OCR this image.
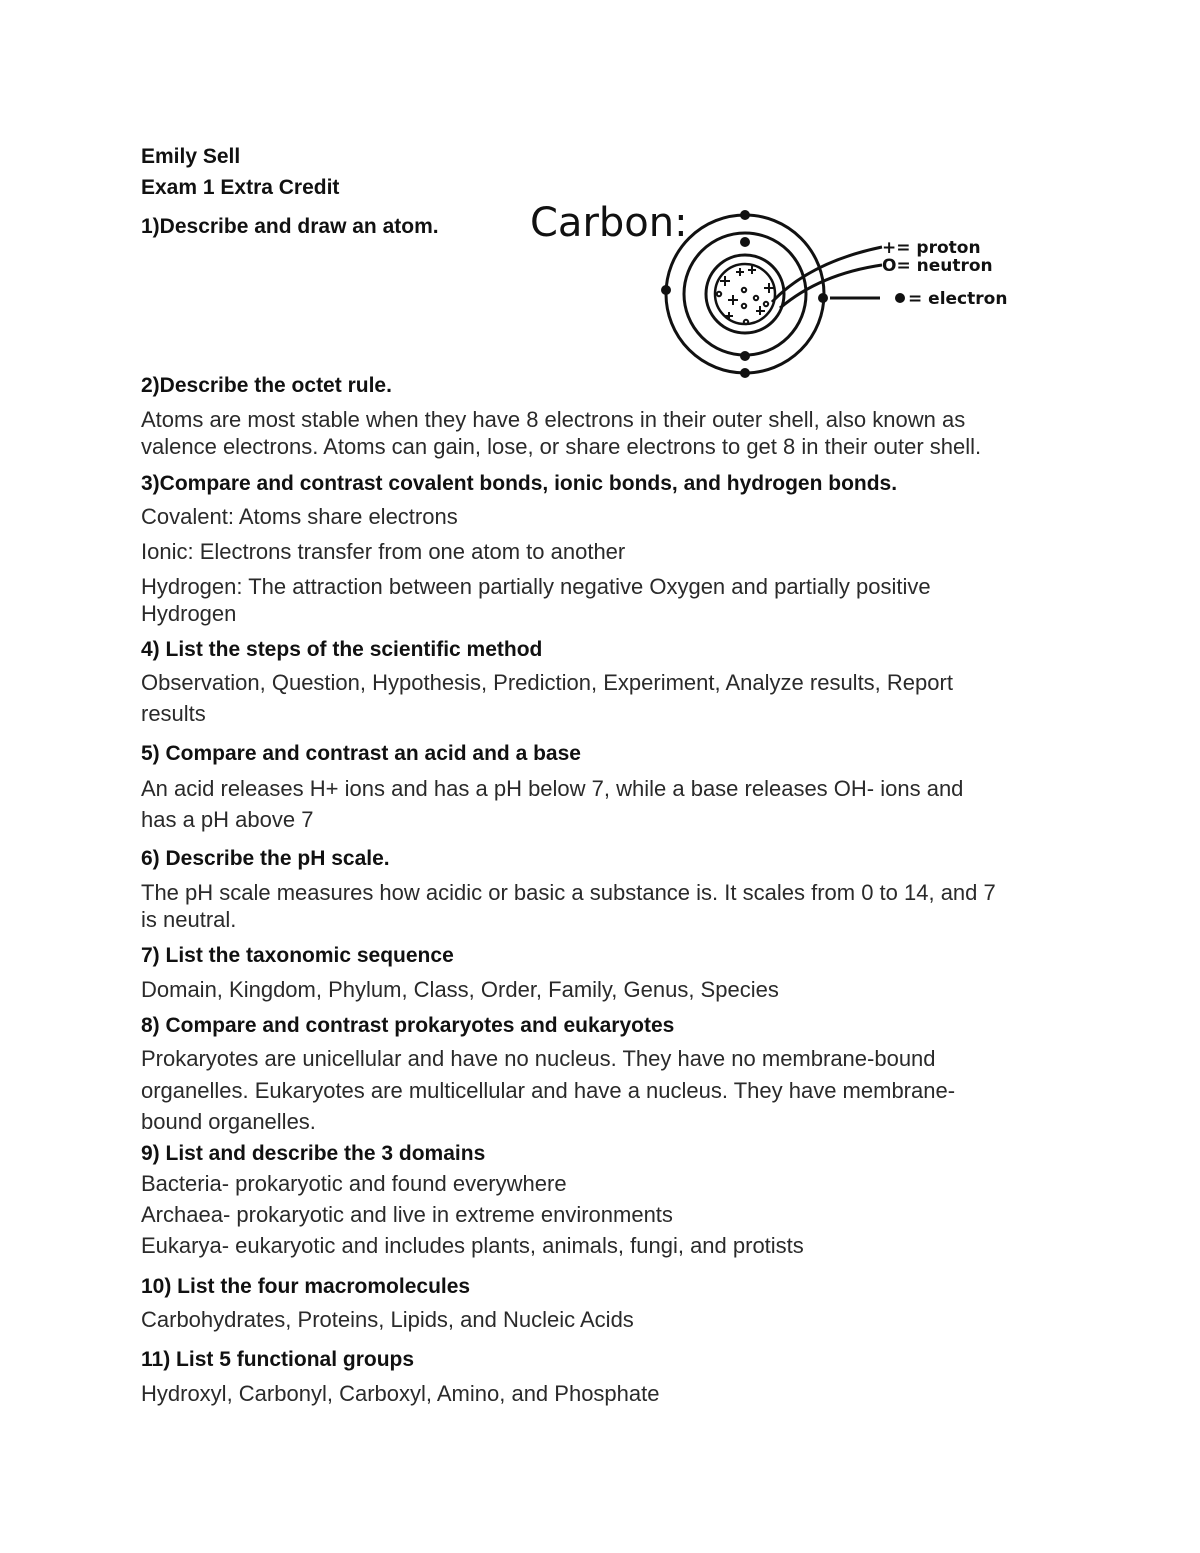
Emily Sell
Exam 1 Extra Credit
1)Describe and draw an atom. Carbon:
+= proton
O= neutron
= electron
2)Describe the octet rule.
Atoms are most stable when they have 8 electrons in their outer shell, also known as
valence electrons. Atoms can gain, lose, or share electrons to get 8 in their outer shell.
3)Compare and contrast covalent bonds, ionic bonds, and hydrogen bonds.
Covalent: Atoms share electrons
Ionic: Electrons transfer from one atom to another
Hydrogen: The attraction between partially negative Oxygen and partially positive
Hydrogen
4) List the steps of the scientific method
Observation, Question, Hypothesis, Prediction, Experiment, Analyze results, Report
results
5) Compare and contrast an acid and a base
An acid releases H+ ions and has a pH below 7, while a base releases OH- ions and
has a pH above 7
6) Describe the pH scale.
The pH scale measures how acidic or basic a substance is. It scales from 0 to 14, and 7
is neutral.
7) List the taxonomic sequence
Domain, Kingdom, Phylum, Class, Order, Family, Genus, Species
8) Compare and contrast prokaryotes and eukaryotes
Prokaryotes are unicellular and have no nucleus. They have no membrane-bound
organelles. Eukaryotes are multicellular and have a nucleus. They have membrane-
bound organelles.
9) List and describe the 3 domains
Bacteria- prokaryotic and found everywhere
Archaea- prokaryotic and live in extreme environments
Eukarya- eukaryotic and includes plants, animals, fungi, and protists
10) List the four macromolecules
Carbohydrates, Proteins, Lipids, and Nucleic Acids
11) List 5 functional groups
Hydroxyl, Carbonyl, Carboxyl, Amino, and Phosphate
